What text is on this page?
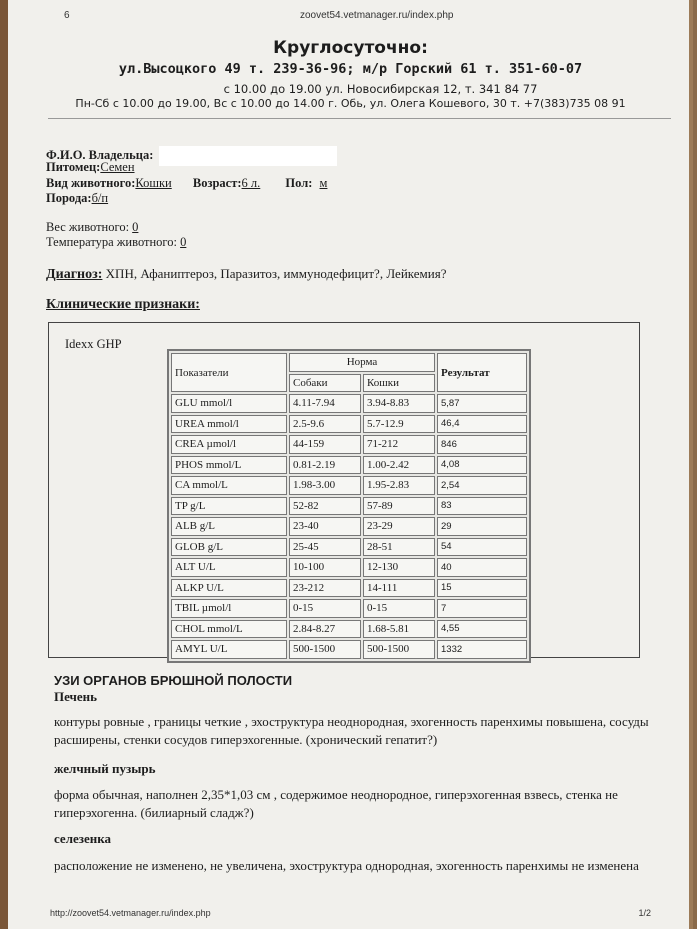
6	zoovet54.vetmanager.ru/index.php
Круглосуточно:
ул.Высоцкого 49 т. 239-36-96; м/р Горский 61 т. 351-60-07
с 10.00 до 19.00 ул. Новосибирская 12, т. 341 84 77
Пн-Сб с 10.00 до 19.00, Вс с 10.00 до 14.00 г. Обь, ул. Олега Кошевого, 30 т. +7(383)735 08 91
Ф.И.О. Владельца:
Питомец:Семен
Вид животного:Кошки Возраст:6 л. Пол: м
Порода:б/п
Вес животного: 0
Температура животного: 0
Диагноз: ХПН, Афаниптероз, Паразитоз, иммунодефицит?, Лейкемия?
Клинические признаки:
Idexx GHP
Показатели	Норма		Результат
	Собаки	Кошки	
GLU mmol/l	4.11-7.94	3.94-8.83	5,87
UREA mmol/l	2.5-9.6	5.7-12.9	46,4
CREA µmol/l	44-159	71-212	846
PHOS mmol/L	0.81-2.19	1.00-2.42	4,08
CA mmol/L	1.98-3.00	1.95-2.83	2,54
TP g/L	52-82	57-89	83
ALB g/L	23-40	23-29	29
GLOB g/L	25-45	28-51	54
ALT U/L	10-100	12-130	40
ALKP U/L	23-212	14-111	15
TBIL µmol/l	0-15	0-15	7
CHOL mmol/L	2.84-8.27	1.68-5.81	4,55
AMYL U/L	500-1500	500-1500	1332
УЗИ ОРГАНОВ БРЮШНОЙ ПОЛОСТИ
Печень
контуры ровные , границы четкие , эхоструктура неоднородная, эхогенность паренхимы повышена, сосуды расширены, стенки сосудов гиперэхогенные. (хронический гепатит?)
желчный пузырь
форма обычная, наполнен 2,35*1,03 см , содержимое неоднородное, гиперэхогенная взвесь, стенка не гиперэхогенна. (билиарный сладж?)
селезенка
расположение не изменено, не увеличена, эхоструктура однородная, эхогенность паренхимы не изменена
http://zoovet54.vetmanager.ru/index.php	1/2
